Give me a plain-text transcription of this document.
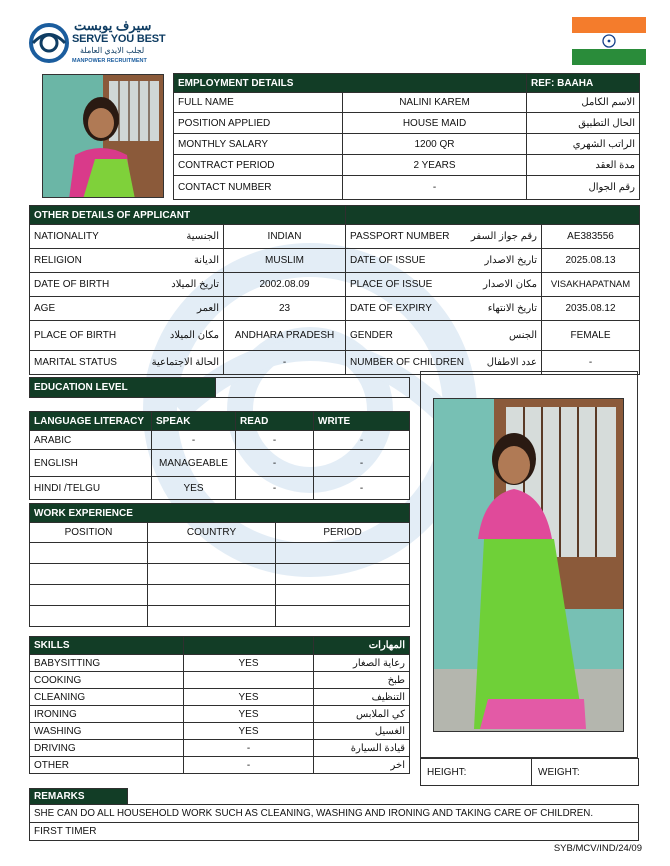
سيرف يوبست
SERVE YOU BEST
لجلب الايدي العاملة
MANPOWER RECRUITMENT
EMPLOYMENT DETAILS		REF: BAAHA
FULL NAME	NALINI KAREM	الاسم الكامل
POSITION APPLIED	HOUSE MAID	الحال التطبيق
MONTHLY SALARY	1200 QR	الراتب الشهري
CONTRACT PERIOD	2 YEARS	مدة العقد
CONTACT NUMBER	-	رقم الجوال
OTHER DETAILS OF APPLICANT			

NATIONALITY الجنسية	INDIAN	PASSPORT NUMBER رقم جواز السفر	AE383556

RELIGION الديانة	MUSLIM	DATE OF ISSUE تاريخ الاصدار	2025.08.13

DATE OF BIRTH تاريخ الميلاد	2002.08.09	PLACE OF ISSUE مكان الاصدار	VISAKHAPATNAM

AGE العمر	23	DATE OF EXPIRY تاريخ الانتهاء	2035.08.12

PLACE OF BIRTH مكان الميلاد	ANDHARA PRADESH	GENDER الجنس	FEMALE

MARITAL STATUS الحالة الاجتماعية	-	NUMBER OF CHILDREN عدد الاطفال	-
EDUCATION LEVEL	
LANGUAGE LITERACY	SPEAK	READ	WRITE
ARABIC	-	-	-
ENGLISH	MANAGEABLE	-	-
HINDI /TELGU	YES	-	-
WORK EXPERIENCE		
POSITION	COUNTRY	PERIOD

SKILLS		المهارات
BABYSITTING	YES	رعاية الصغار
COOKING		طبخ
CLEANING	YES	التنظيف
IRONING	YES	كي الملابس
WASHING	YES	الغسيل
DRIVING	-	قيادة السيارة
OTHER	-	اخر
HEIGHT:	WEIGHT:
REMARKS	
SHE CAN DO ALL HOUSEHOLD WORK SUCH AS CLEANING, WASHING AND IRONING AND TAKING CARE OF CHILDREN.
FIRST TIMER
SYB/MCV/IND/24/09
